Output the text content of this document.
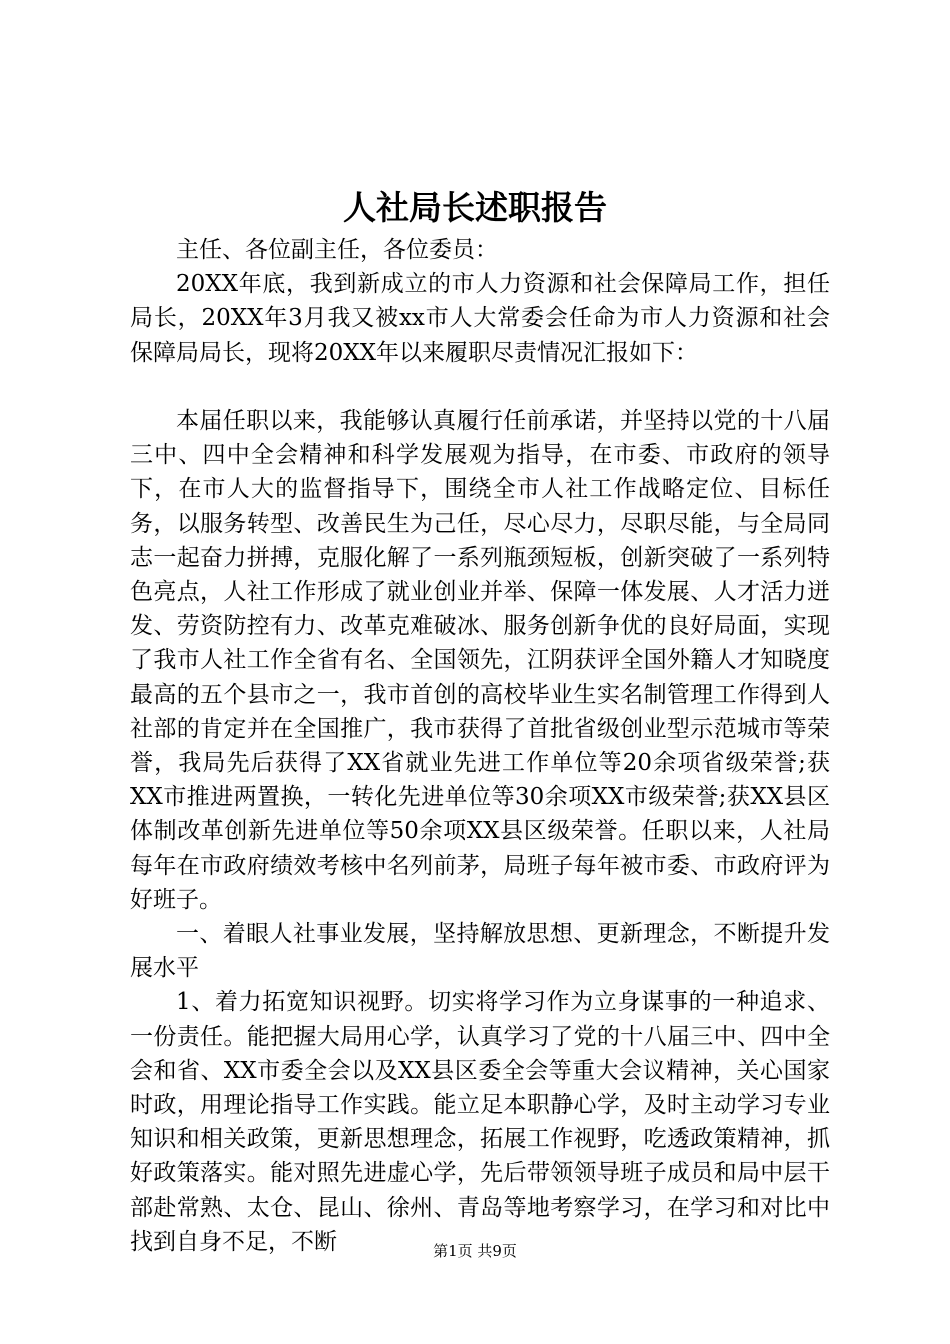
人社局长述职报告

主任、各位副主任，各位委员：

20XX年底，我到新成立的市人力资源和社会保障局工作，担任局长，20XX年3月我又被xx市人大常委会任命为市人力资源和社会保障局局长，现将20XX年以来履职尽责情况汇报如下：

本届任职以来，我能够认真履行任前承诺，并坚持以党的十八届三中、四中全会精神和科学发展观为指导，在市委、市政府的领导下，在市人大的监督指导下，围绕全市人社工作战略定位、目标任务，以服务转型、改善民生为己任，尽心尽力，尽职尽能，与全局同志一起奋力拼搏，克服化解了一系列瓶颈短板，创新突破了一系列特色亮点，人社工作形成了就业创业并举、保障一体发展、人才活力迸发、劳资防控有力、改革克难破冰、服务创新争优的良好局面，实现了我市人社工作全省有名、全国领先，江阴获评全国外籍人才知晓度最高的五个县市之一，我市首创的高校毕业生实名制管理工作得到人社部的肯定并在全国推广，我市获得了首批省级创业型示范城市等荣誉，我局先后获得了XX省就业先进工作单位等20余项省级荣誉;获XX市推进两置换，一转化先进单位等30余项XX市级荣誉;获XX县区体制改革创新先进单位等50余项XX县区级荣誉。任职以来，人社局每年在市政府绩效考核中名列前茅，局班子每年被市委、市政府评为好班子。

一、着眼人社事业发展，坚持解放思想、更新理念，不断提升发展水平

1、着力拓宽知识视野。切实将学习作为立身谋事的一种追求、一份责任。能把握大局用心学，认真学习了党的十八届三中、四中全会和省、XX市委全会以及XX县区委全会等重大会议精神，关心国家时政，用理论指导工作实践。能立足本职静心学，及时主动学习专业知识和相关政策，更新思想理念，拓展工作视野，吃透政策精神，抓好政策落实。能对照先进虚心学，先后带领领导班子成员和局中层干部赴常熟、太仓、昆山、徐州、青岛等地考察学习，在学习和对比中找到自身不足，不断	第1页 共9页
